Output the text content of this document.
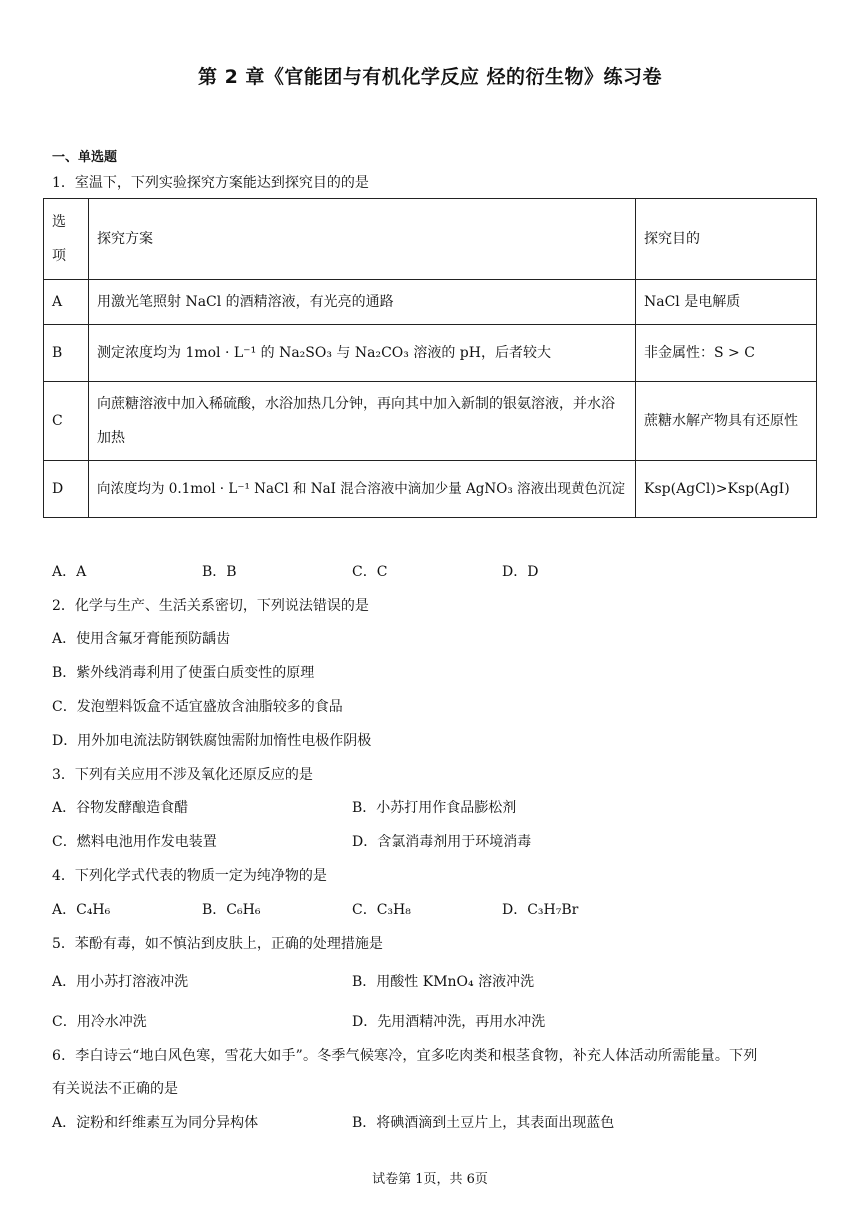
第 2 章《官能团与有机化学反应 烃的衍生物》练习卷
一、单选题
1．室温下，下列实验探究方案能达到探究目的的是
选项	探究方案	探究目的
A	用激光笔照射 NaCl 的酒精溶液，有光亮的通路	NaCl 是电解质
B	测定浓度均为 1mol · L⁻¹ 的 Na₂SO₃ 与 Na₂CO₃ 溶液的 pH，后者较大	非金属性：S > C
C	向蔗糖溶液中加入稀硫酸，水浴加热几分钟，再向其中加入新制的银氨溶液，并水浴加热	蔗糖水解产物具有还原性
D	向浓度均为 0.1mol · L⁻¹ NaCl 和 NaI 混合溶液中滴加少量 AgNO₃ 溶液出现黄色沉淀	Ksp(AgCl)>Ksp(AgI)
A．A	B．B	C．C	D．D
2．化学与生产、生活关系密切，下列说法错误的是
A．使用含氟牙膏能预防龋齿
B．紫外线消毒利用了使蛋白质变性的原理
C．发泡塑料饭盒不适宜盛放含油脂较多的食品
D．用外加电流法防钢铁腐蚀需附加惰性电极作阴极
3．下列有关应用不涉及氧化还原反应的是
A．谷物发酵酿造食醋	B．小苏打用作食品膨松剂
C．燃料电池用作发电装置	D．含氯消毒剂用于环境消毒
4．下列化学式代表的物质一定为纯净物的是
A．C₄H₆	B．C₆H₆	C．C₃H₈	D．C₃H₇Br
5．苯酚有毒，如不慎沾到皮肤上，正确的处理措施是
A．用小苏打溶液冲洗	B．用酸性 KMnO₄ 溶液冲洗
C．用冷水冲洗	D．先用酒精冲洗，再用水冲洗
6．李白诗云“地白风色寒，雪花大如手”。冬季气候寒冷，宜多吃肉类和根茎食物，补充人体活动所需能量。下列
有关说法不正确的是
A．淀粉和纤维素互为同分异构体	B．将碘酒滴到土豆片上，其表面出现蓝色
试卷第 1页，共 6页
